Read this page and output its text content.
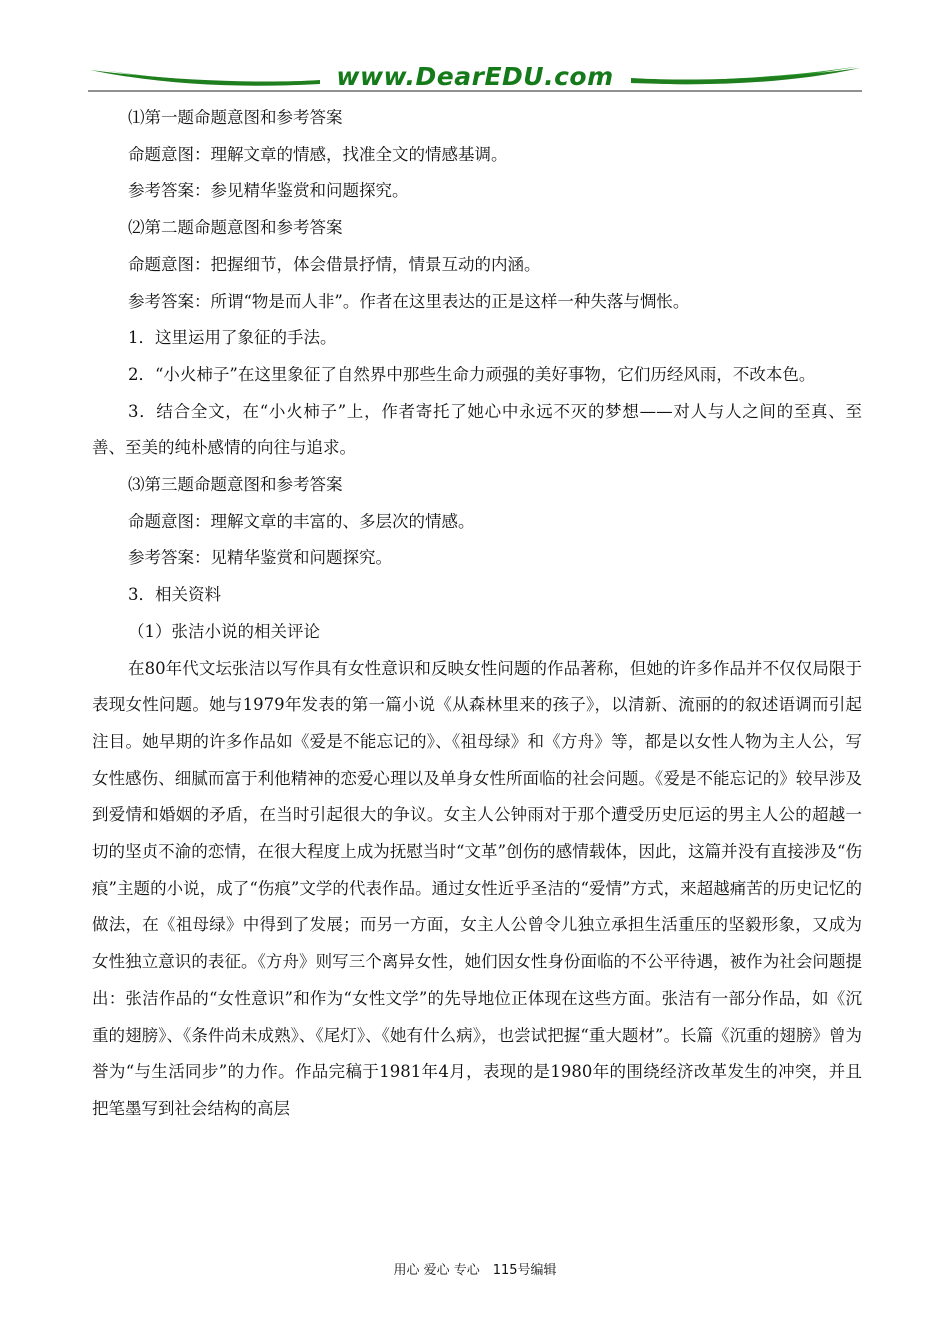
www.DearEDU.com

⑴第一题命题意图和参考答案

命题意图：理解文章的情感，找准全文的情感基调。

参考答案：参见精华鉴赏和问题探究。

⑵第二题命题意图和参考答案

命题意图：把握细节，体会借景抒情，情景互动的内涵。

参考答案：所谓“物是而人非”。作者在这里表达的正是这样一种失落与惆怅。

1．这里运用了象征的手法。

2．“小火柿子”在这里象征了自然界中那些生命力顽强的美好事物，它们历经风雨，不改本色。

3．结合全文，在“小火柿子”上，作者寄托了她心中永远不灭的梦想——对人与人之间的至真、至善、至美的纯朴感情的向往与追求。

⑶第三题命题意图和参考答案

命题意图：理解文章的丰富的、多层次的情感。

参考答案：见精华鉴赏和问题探究。

3．相关资料

（1）张洁小说的相关评论

在80年代文坛张洁以写作具有女性意识和反映女性问题的作品著称，但她的许多作品并不仅仅局限于表现女性问题。她与1979年发表的第一篇小说《从森林里来的孩子》，以清新、流丽的的叙述语调而引起注目。她早期的许多作品如《爱是不能忘记的》、《祖母绿》和《方舟》等，都是以女性人物为主人公，写女性感伤、细腻而富于利他精神的恋爱心理以及单身女性所面临的社会问题。《爱是不能忘记的》较早涉及到爱情和婚姻的矛盾，在当时引起很大的争议。女主人公钟雨对于那个遭受历史厄运的男主人公的超越一切的坚贞不渝的恋情，在很大程度上成为抚慰当时“文革”创伤的感情载体，因此，这篇并没有直接涉及“伤痕”主题的小说，成了“伤痕”文学的代表作品。通过女性近乎圣洁的“爱情”方式，来超越痛苦的历史记忆的做法，在《祖母绿》中得到了发展；而另一方面，女主人公曾令儿独立承担生活重压的坚毅形象，又成为女性独立意识的表征。《方舟》则写三个离异女性，她们因女性身份面临的不公平待遇，被作为社会问题提出：张洁作品的“女性意识”和作为“女性文学”的先导地位正体现在这些方面。张洁有一部分作品，如《沉重的翅膀》、《条件尚未成熟》、《尾灯》、《她有什么病》，也尝试把握“重大题材”。长篇《沉重的翅膀》曾为誉为“与生活同步”的力作。作品完稿于1981年4月，表现的是1980年的围绕经济改革发生的冲突，并且把笔墨写到社会结构的高层

用心 爱心 专心　115号编辑
